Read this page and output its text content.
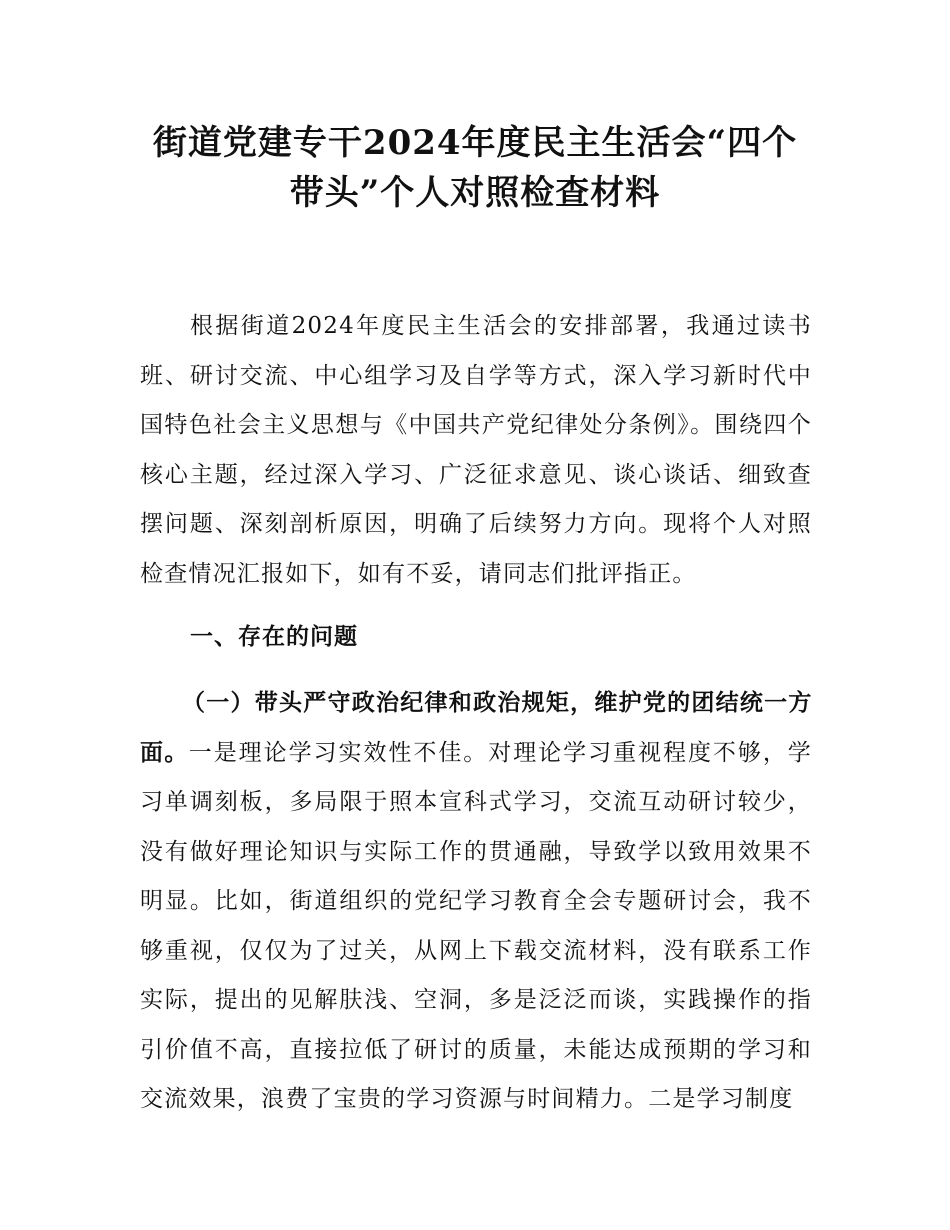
街道党建专干2024年度民主生活会“四个带头”个人对照检查材料

根据街道2024年度民主生活会的安排部署，我通过读书班、研讨交流、中心组学习及自学等方式，深入学习新时代中国特色社会主义思想与《中国共产党纪律处分条例》。围绕四个核心主题，经过深入学习、广泛征求意见、谈心谈话、细致查摆问题、深刻剖析原因，明确了后续努力方向。现将个人对照检查情况汇报如下，如有不妥，请同志们批评指正。

一、存在的问题

（一）带头严守政治纪律和政治规矩，维护党的团结统一方面。一是理论学习实效性不佳。对理论学习重视程度不够，学习单调刻板，多局限于照本宣科式学习，交流互动研讨较少，没有做好理论知识与实际工作的贯通融，导致学以致用效果不明显。比如，街道组织的党纪学习教育全会专题研讨会，我不够重视，仅仅为了过关，从网上下载交流材料，没有联系工作实际，提出的见解肤浅、空洞，多是泛泛而谈，实践操作的指引价值不高，直接拉低了研讨的质量，未能达成预期的学习和交流效果，浪费了宝贵的学习资源与时间精力。二是学习制度
